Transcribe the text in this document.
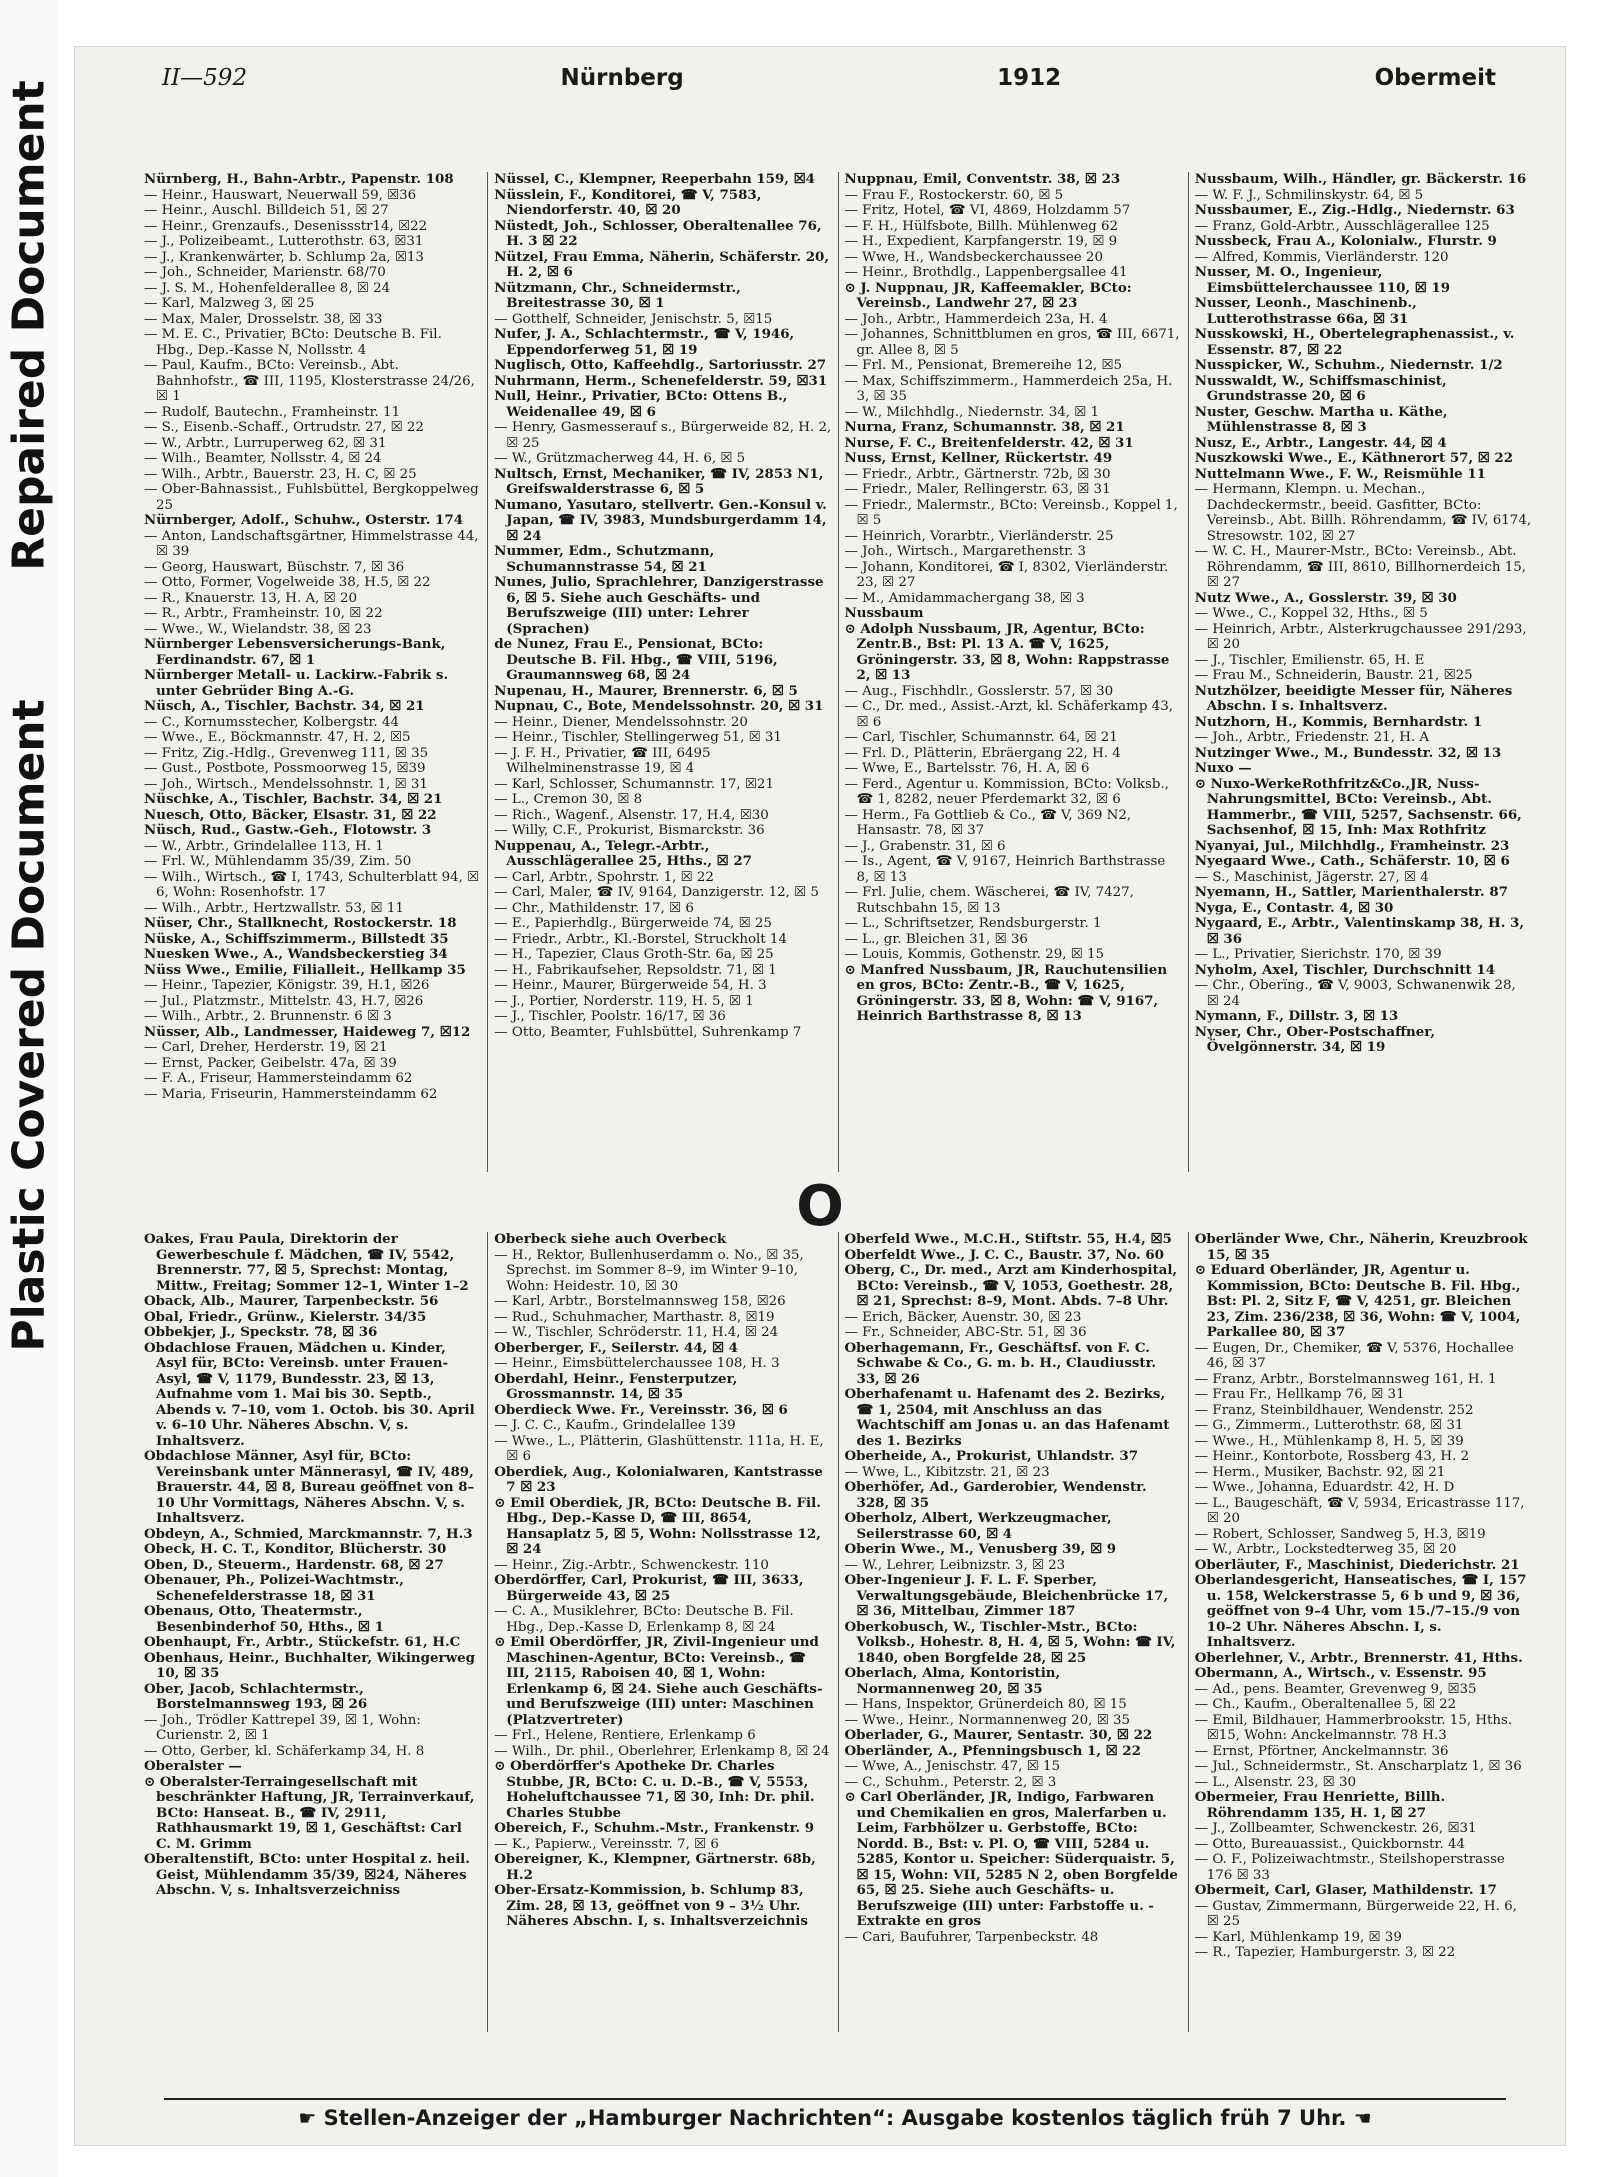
Repaired Document
Plastic Covered Document
II—592	Nürnberg	1912	Obermeit

Nürnberg, H., Bahn-Arbtr., Papenstr. 108

— Heinr., Hauswart, Neuerwall 59, ☒36

— Heinr., Auschl. Billdeich 51, ☒ 27

— Heinr., Grenzaufs., Desenissstr14, ☒22

— J., Polizeibeamt., Lutterothstr. 63, ☒31

— J., Krankenwärter, b. Schlump 2a, ☒13

— Joh., Schneider, Marienstr. 68/70

— J. S. M., Hohenfelderallee 8, ☒ 24

— Karl, Malzweg 3, ☒ 25

— Max, Maler, Drosselstr. 38, ☒ 33

— M. E. C., Privatier, BCto: Deutsche B. Fil. Hbg., Dep.-Kasse N, Nollsstr. 4

— Paul, Kaufm., BCto: Vereinsb., Abt. Bahnhofstr., ☎ III, 1195, Klosterstrasse 24/26, ☒ 1

— Rudolf, Bautechn., Framheinstr. 11

— S., Eisenb.-Schaff., Ortrudstr. 27, ☒ 22

— W., Arbtr., Lurruperweg 62, ☒ 31

— Wilh., Beamter, Nollsstr. 4, ☒ 24

— Wilh., Arbtr., Bauerstr. 23, H. C, ☒ 25

— Ober-Bahnassist., Fuhlsbüttel, Bergkoppelweg 25

Nürnberger, Adolf., Schuhw., Osterstr. 174

— Anton, Landschaftsgärtner, Himmelstrasse 44, ☒ 39

— Georg, Hauswart, Büschstr. 7, ☒ 36

— Otto, Former, Vogelweide 38, H.5, ☒ 22

— R., Knauerstr. 13, H. A, ☒ 20

— R., Arbtr., Framheinstr. 10, ☒ 22

— Wwe., W., Wielandstr. 38, ☒ 23

Nürnberger Lebensversicherungs-Bank, Ferdinandstr. 67, ☒ 1

Nürnberger Metall- u. Lackirw.-Fabrik s. unter Gebrüder Bing A.-G.

Nüsch, A., Tischler, Bachstr. 34, ☒ 21

— C., Kornumsstecher, Kolbergstr. 44

— Wwe., E., Böckmannstr. 47, H. 2, ☒5

— Fritz, Zig.-Hdlg., Grevenweg 111, ☒ 35

— Gust., Postbote, Possmoorweg 15, ☒39

— Joh., Wirtsch., Mendelssohnstr. 1, ☒ 31

Nüschke, A., Tischler, Bachstr. 34, ☒ 21

Nuesch, Otto, Bäcker, Elsastr. 31, ☒ 22

Nüsch, Rud., Gastw.-Geh., Flotowstr. 3

— W., Arbtr., Grindelallee 113, H. 1

— Frl. W., Mühlendamm 35/39, Zim. 50

— Wilh., Wirtsch., ☎ I, 1743, Schulterblatt 94, ☒ 6, Wohn: Rosenhofstr. 17

— Wilh., Arbtr., Hertzwallstr. 53, ☒ 11

Nüser, Chr., Stallknecht, Rostockerstr. 18

Nüske, A., Schiffszimmerm., Billstedt 35

Nuesken Wwe., A., Wandsbeckerstieg 34

Nüss Wwe., Emilie, Filialleit., Hellkamp 35

— Heinr., Tapezier, Königstr. 39, H.1, ☒26

— Jul., Platzmstr., Mittelstr. 43, H.7, ☒26

— Wilh., Arbtr., 2. Brunnenstr. 6 ☒ 3

Nüsser, Alb., Landmesser, Haideweg 7, ☒12

— Carl, Dreher, Herderstr. 19, ☒ 21

— Ernst, Packer, Geibelstr. 47a, ☒ 39

— F. A., Friseur, Hammersteindamm 62

— Maria, Friseurin, Hammersteindamm 62

Nüssel, C., Klempner, Reeperbahn 159, ☒4

Nüsslein, F., Konditorei, ☎ V, 7583, Niendorferstr. 40, ☒ 20

Nüstedt, Joh., Schlosser, Oberaltenallee 76, H. 3 ☒ 22

Nützel, Frau Emma, Näherin, Schäferstr. 20, H. 2, ☒ 6

Nützmann, Chr., Schneidermstr., Breitestrasse 30, ☒ 1

— Gotthelf, Schneider, Jenischstr. 5, ☒15

Nufer, J. A., Schlachtermstr., ☎ V, 1946, Eppendorferweg 51, ☒ 19

Nuglisch, Otto, Kaffeehdlg., Sartoriusstr. 27

Nuhrmann, Herm., Schenefelderstr. 59, ☒31

Null, Heinr., Privatier, BCto: Ottens B., Weidenallee 49, ☒ 6

— Henry, Gasmesserauf s., Bürgerweide 82, H. 2, ☒ 25

— W., Grützmacherweg 44, H. 6, ☒ 5

Nultsch, Ernst, Mechaniker, ☎ IV, 2853 N1, Greifswalderstrasse 6, ☒ 5

Numano, Yasutaro, stellvertr. Gen.-Konsul v. Japan, ☎ IV, 3983, Mundsburgerdamm 14, ☒ 24

Nummer, Edm., Schutzmann, Schumannstrasse 54, ☒ 21

Nunes, Julio, Sprachlehrer, Danzigerstrasse 6, ☒ 5. Siehe auch Geschäfts- und Berufszweige (III) unter: Lehrer (Sprachen)

de Nunez, Frau E., Pensionat, BCto: Deutsche B. Fil. Hbg., ☎ VIII, 5196, Graumannsweg 68, ☒ 24

Nupenau, H., Maurer, Brennerstr. 6, ☒ 5

Nupnau, C., Bote, Mendelssohnstr. 20, ☒ 31

— Heinr., Diener, Mendelssohnstr. 20

— Heinr., Tischler, Stellingerweg 51, ☒ 31

— J. F. H., Privatier, ☎ III, 6495 Wilhelminenstrasse 19, ☒ 4

— Karl, Schlosser, Schumannstr. 17, ☒21

— L., Cremon 30, ☒ 8

— Rich., Wagenf., Alsenstr. 17, H.4, ☒30

— Willy, C.F., Prokurist, Bismarckstr. 36

Nuppenau, A., Telegr.-Arbtr., Ausschlägerallee 25, Hths., ☒ 27

— Carl, Arbtr., Spohrstr. 1, ☒ 22

— Carl, Maler, ☎ IV, 9164, Danzigerstr. 12, ☒ 5

— Chr., Mathildenstr. 17, ☒ 6

— E., Papierhdlg., Bürgerweide 74, ☒ 25

— Friedr., Arbtr., Kl.-Borstel, Struckholt 14

— H., Tapezier, Claus Groth-Str. 6a, ☒ 25

— H., Fabrikaufseher, Repsoldstr. 71, ☒ 1

— Heinr., Maurer, Bürgerweide 54, H. 3

— J., Portier, Norderstr. 119, H. 5, ☒ 1

— J., Tischler, Poolstr. 16/17, ☒ 36

— Otto, Beamter, Fuhlsbüttel, Suhrenkamp 7

Nuppnau, Emil, Conventstr. 38, ☒ 23

— Frau F., Rostockerstr. 60, ☒ 5

— Fritz, Hotel, ☎ VI, 4869, Holzdamm 57

— F. H., Hülfsbote, Billh. Mühlenweg 62

— H., Expedient, Karpfangerstr. 19, ☒ 9

— Wwe, H., Wandsbeckerchaussee 20

— Heinr., Brothdlg., Lappenbergsallee 41

⊙ J. Nuppnau, JR, Kaffeemakler, BCto: Vereinsb., Landwehr 27, ☒ 23

— Joh., Arbtr., Hammerdeich 23a, H. 4

— Johannes, Schnittblumen en gros, ☎ III, 6671, gr. Allee 8, ☒ 5

— Frl. M., Pensionat, Bremereihe 12, ☒5

— Max, Schiffszimmerm., Hammerdeich 25a, H. 3, ☒ 35

— W., Milchhdlg., Niedernstr. 34, ☒ 1

Nurna, Franz, Schumannstr. 38, ☒ 21

Nurse, F. C., Breitenfelderstr. 42, ☒ 31

Nuss, Ernst, Kellner, Rückertstr. 49

— Friedr., Arbtr., Gärtnerstr. 72b, ☒ 30

— Friedr., Maler, Rellingerstr. 63, ☒ 31

— Friedr., Malermstr., BCto: Vereinsb., Koppel 1, ☒ 5

— Heinrich, Vorarbtr., Vierländerstr. 25

— Joh., Wirtsch., Margarethenstr. 3

— Johann, Konditorei, ☎ I, 8302, Vierländerstr. 23, ☒ 27

— M., Amidammacheгgang 38, ☒ 3

Nussbaum

⊙ Adolph Nussbaum, JR, Agentur, BCto: Zentr.B., Bst: Pl. 13 A. ☎ V, 1625, Gröningerstr. 33, ☒ 8, Wohn: Rappstrasse 2, ☒ 13

— Aug., Fischhdlr., Gosslerstr. 57, ☒ 30

— C., Dr. med., Assist.-Arzt, kl. Schäferkamp 43, ☒ 6

— Carl, Tischler, Schumannstr. 64, ☒ 21

— Frl. D., Plätterin, Ebräergang 22, H. 4

— Wwe, E., Bartelsstr. 76, H. A, ☒ 6

— Ferd., Agentur u. Kommission, BCto: Volksb., ☎ 1, 8282, neuer Pferdemarkt 32, ☒ 6

— Herm., Fa Gottlieb & Co., ☎ V, 369 N2, Hansastr. 78, ☒ 37

— J., Grabenstr. 31, ☒ 6

— Is., Agent, ☎ V, 9167, Heinrich Barthstrasse 8, ☒ 13

— Frl. Julie, chem. Wäscherei, ☎ IV, 7427, Rutschbahn 15, ☒ 13

— L., Schriftsetzer, Rendsburgerstr. 1

— L., gr. Bleichen 31, ☒ 36

— Louis, Kommis, Gothenstr. 29, ☒ 15

⊙ Manfred Nussbaum, JR, Rauchutensilien en gros, BCto: Zentr.-B., ☎ V, 1625, Gröningerstr. 33, ☒ 8, Wohn: ☎ V, 9167, Heinrich Barthstrasse 8, ☒ 13

Nussbaum, Wilh., Händler, gr. Bäckerstr. 16

— W. F. J., Schmilinskystr. 64, ☒ 5

Nussbaumer, E., Zig.-Hdlg., Niedernstr. 63

— Franz, Gold-Arbtr., Ausschlägerallee 125

Nussbeck, Frau A., Kolonialw., Flurstr. 9

— Alfred, Kommis, Vierländerstr. 120

Nusser, M. O., Ingenieur, Eimsbüttelerchaussee 110, ☒ 19

Nusser, Leonh., Maschinenb., Lutterothstrasse 66a, ☒ 31

Nusskowski, H., Obertelegraphenassist., v. Essenstr. 87, ☒ 22

Nusspicker, W., Schuhm., Niedernstr. 1/2

Nusswaldt, W., Schiffsmaschinist, Grundstrasse 20, ☒ 6

Nuster, Geschw. Martha u. Käthe, Mühlenstrasse 8, ☒ 3

Nusz, E., Arbtr., Langestr. 44, ☒ 4

Nuszkowski Wwe., E., Käthnerort 57, ☒ 22

Nuttelmann Wwe., F. W., Reismühle 11

— Hermann, Klempn. u. Mechan., Dachdeckermstr., beeid. Gasfitter, BCto: Vereinsb., Abt. Billh. Röhrendamm, ☎ IV, 6174, Stresowstr. 102, ☒ 27

— W. C. H., Maurer-Mstr., BCto: Vereinsb., Abt. Röhrendamm, ☎ III, 8610, Billhornerdeich 15, ☒ 27

Nutz Wwe., A., Gosslerstr. 39, ☒ 30

— Wwe., C., Koppel 32, Hths., ☒ 5

— Heinrich, Arbtr., Alsterkrugchaussee 291/293, ☒ 20

— J., Tischler, Emilienstr. 65, H. E

— Frau M., Schneiderin, Baustr. 21, ☒25

Nutzhölzer, beeidigte Messer für, Näheres Abschn. I s. Inhaltsverz.

Nutzhorn, H., Kommis, Bernhardstr. 1

— Joh., Arbtr., Friedenstr. 21, H. A

Nutzinger Wwe., M., Bundesstr. 32, ☒ 13

Nuxo —

⊙ Nuxo-WerkeRothfritz&Co.,JR, Nuss-Nahrungsmittel, BCto: Vereinsb., Abt. Hammerbr., ☎ VIII, 5257, Sachsenstr. 66, Sachsenhof, ☒ 15, Inh: Max Rothfritz

Nyanyai, Jul., Milchhdlg., Framheinstr. 23

Nyegaard Wwe., Cath., Schäferstr. 10, ☒ 6

— S., Maschinist, Jägerstr. 27, ☒ 4

Nyemann, H., Sattler, Marienthalerstr. 87

Nyga, E., Contastr. 4, ☒ 30

Nygaard, E., Arbtr., Valentinskamp 38, H. 3, ☒ 36

— L., Privatier, Sierichstr. 170, ☒ 39

Nyholm, Axel, Tischler, Durchschnitt 14

— Chr., Oberïng., ☎ V, 9003, Schwanenwik 28, ☒ 24

Nymann, F., Dillstr. 3, ☒ 13

Nyser, Chr., Ober-Postschaffner, Övelgönnerstr. 34, ☒ 19

O

Oakes, Frau Paula, Direktorin der Gewerbeschule f. Mädchen, ☎ IV, 5542, Brennerstr. 77, ☒ 5, Sprechst: Montag, Mittw., Freitag; Sommer 12–1, Winter 1–2

Oback, Alb., Maurer, Tarpenbeckstr. 56

Obal, Friedr., Grünw., Kielerstr. 34/35

Obbekjer, J., Speckstr. 78, ☒ 36

Obdachlose Frauen, Mädchen u. Kinder, Asyl für, BCto: Vereinsb. unter Frauen-Asyl, ☎ V, 1179, Bundesstr. 23, ☒ 13, Aufnahme vom 1. Mai bis 30. Septb., Abends v. 7–10, vom 1. Octob. bis 30. April v. 6–10 Uhr. Näheres Abschn. V, s. Inhaltsverz.

Obdachlose Männer, Asyl für, BCto: Vereinsbank unter Männerasyl, ☎ IV, 489, Brauerstr. 44, ☒ 8, Bureau geöffnet von 8–10 Uhr Vormittags, Näheres Abschn. V, s. Inhaltsverz.

Obdeyn, A., Schmied, Marckmannstr. 7, H.3

Obeck, H. C. T., Konditor, Blücherstr. 30

Oben, D., Steuerm., Hardenstr. 68, ☒ 27

Obenauer, Ph., Polizei-Wachtmstr., Schenefelderstrasse 18, ☒ 31

Obenaus, Otto, Theatermstr., Besenbinderhof 50, Hths., ☒ 1

Obenhaupt, Fr., Arbtr., Stückefstr. 61, H.C

Obenhaus, Heinr., Buchhalter, Wikingerweg 10, ☒ 35

Ober, Jacob, Schlachtermstr., Borstelmannsweg 193, ☒ 26

— Joh., Trödler Kattrepel 39, ☒ 1, Wohn: Curienstr. 2, ☒ 1

— Otto, Gerber, kl. Schäferkamp 34, H. 8

Oberalster —

⊙ Oberalster-Terraingesellschaft mit beschränkter Haftung, JR, Terrainverkauf, BCto: Hanseat. B., ☎ IV, 2911, Rathhausmarkt 19, ☒ 1, Geschäftst: Carl C. M. Grimm

Oberaltenstift, BCto: unter Hospital z. heil. Geist, Mühlendamm 35/39, ☒24, Näheres Abschn. V, s. Inhaltsverzeichniss

Oberbeck siehe auch Overbeck

— H., Rektor, Bullenhuserdamm o. No., ☒ 35, Sprechst. im Sommer 8–9, im Winter 9–10, Wohn: Heidestr. 10, ☒ 30

— Karl, Arbtr., Borstelmannsweg 158, ☒26

— Rud., Schuhmacher, Marthastr. 8, ☒19

— W., Tischler, Schröderstr. 11, H.4, ☒ 24

Oberberger, F., Seilerstr. 44, ☒ 4

— Heinr., Eimsbüttelerchaussee 108, H. 3

Oberdahl, Heinr., Fensterputzer, Grossmannstr. 14, ☒ 35

Oberdieck Wwe. Fr., Vereinsstr. 36, ☒ 6

— J. C. C., Kaufm., Grindelallee 139

— Wwe., L., Plätterin, Glashüttenstr. 111a, H. E, ☒ 6

Oberdiek, Aug., Kolonialwaren, Kantstrasse 7 ☒ 23

⊙ Emil Oberdiek, JR, BCto: Deutsche B. Fil. Hbg., Dep.-Kasse D, ☎ III, 8654, Hansaplatz 5, ☒ 5, Wohn: Nollsstrasse 12, ☒ 24

— Heinr., Zig.-Arbtr., Schwenckestr. 110

Oberdörffer, Carl, Prokurist, ☎ III, 3633, Bürgerweide 43, ☒ 25

— C. A., Musiklehrer, BCto: Deutsche B. Fil. Hbg., Dep.-Kasse D, Erlenkamp 8, ☒ 24

⊙ Emil Oberdörffer, JR, Zivil-Ingenieur und Maschinen-Agentur, BCto: Vereinsb., ☎ III, 2115, Raboisen 40, ☒ 1, Wohn: Erlenkamp 6, ☒ 24. Siehe auch Geschäfts- und Berufszweige (III) unter: Maschinen (Platzvertreter)

— Frl., Helene, Rentiere, Erlenkamp 6

— Wilh., Dr. phil., Oberlehrer, Erlenkamp 8, ☒ 24

⊙ Oberdörffer's Apotheke Dr. Charles Stubbe, JR, BCto: C. u. D.-B., ☎ V, 5553, Hoheluftchaussee 71, ☒ 30, Inh: Dr. phil. Charles Stubbe

Obereich, F., Schuhm.-Mstr., Frankenstr. 9

— K., Papierw., Vereinsstr. 7, ☒ 6

Obereigner, K., Klempner, Gärtnerstr. 68b, H.2

Ober-Ersatz-Kommission, b. Schlump 83, Zim. 28, ☒ 13, geöffnet von 9 – 3½ Uhr. Näheres Abschn. I, s. Inhaltsverzeichnis

Oberfeld Wwe., M.C.H., Stiftstr. 55, H.4, ☒5

Oberfeldt Wwe., J. C. C., Baustr. 37, No. 60

Oberg, C., Dr. med., Arzt am Kinderhospital, BCto: Vereinsb., ☎ V, 1053, Goethestr. 28, ☒ 21, Sprechst: 8–9, Mont. Abds. 7–8 Uhr.

— Erich, Bäcker, Auenstr. 30, ☒ 23

— Fr., Schneider, ABC-Str. 51, ☒ 36

Oberhagemann, Fr., Geschäftsf. von F. C. Schwabe & Co., G. m. b. H., Claudiusstr. 33, ☒ 26

Oberhafenamt u. Hafenamt des 2. Bezirks, ☎ 1, 2504, mit Anschluss an das Wachtschiff am Jonas u. an das Hafenamt des 1. Bezirks

Oberheide, A., Prokurist, Uhlandstr. 37

— Wwe, L., Kibitzstr. 21, ☒ 23

Oberhöfer, Ad., Garderobier, Wendenstr. 328, ☒ 35

Oberholz, Albert, Werkzeugmacher, Seilerstrasse 60, ☒ 4

Oberin Wwe., M., Venusberg 39, ☒ 9

— W., Lehrer, Leibnizstr. 3, ☒ 23

Ober-Ingenieur J. F. L. F. Sperber, Verwaltungsgebäude, Bleichenbrücke 17, ☒ 36, Mittelbau, Zimmer 187

Oberkobusch, W., Tischler-Mstr., BCto: Volksb., Hohestr. 8, H. 4, ☒ 5, Wohn: ☎ IV, 1840, oben Borgfelde 28, ☒ 25

Oberlach, Alma, Kontoristin, Normannenweg 20, ☒ 35

— Hans, Inspektor, Grünerdeich 80, ☒ 15

— Wwe., Heinr., Normannenweg 20, ☒ 35

Oberlader, G., Maurer, Sentastr. 30, ☒ 22

Oberländer, A., Pfenningsbusch 1, ☒ 22

— Wwe, A., Jenischstr. 47, ☒ 15

— C., Schuhm., Peterstr. 2, ☒ 3

⊙ Carl Oberländer, JR, Indigo, Farbwaren und Chemikalien en gros, Malerfarben u. Leim, Farbhölzer u. Gerbstoffe, BCto: Nordd. B., Bst: v. Pl. O, ☎ VIII, 5284 u. 5285, Kontor u. Speicher: Süderquaistr. 5, ☒ 15, Wohn: VII, 5285 N 2, oben Borgfelde 65, ☒ 25. Siehe auch Geschäfts- u. Berufszweige (III) unter: Farbstoffe u. -Extrakte en gros

— Cari, Baufuhrer, Tarpenbeckstr. 48

Oberländer Wwe, Chr., Näherin, Kreuzbrook 15, ☒ 35

⊙ Eduard Oberländer, JR, Agentur u. Kommission, BCto: Deutsche B. Fil. Hbg., Bst: Pl. 2, Sitz F, ☎ V, 4251, gr. Bleichen 23, Zim. 236/238, ☒ 36, Wohn: ☎ V, 1004, Parkallee 80, ☒ 37

— Eugen, Dr., Chemiker, ☎ V, 5376, Hochallee 46, ☒ 37

— Franz, Arbtr., Borstelmannsweg 161, H. 1

— Frau Fr., Hellkamp 76, ☒ 31

— Franz, Steinbildhauer, Wendenstr. 252

— G., Zimmerm., Lutterothstr. 68, ☒ 31

— Wwe., H., Mühlenkamp 8, H. 5, ☒ 39

— Heinr., Kontorbote, Rossberg 43, H. 2

— Herm., Musiker, Bachstr. 92, ☒ 21

— Wwe., Johanna, Eduardstr. 42, H. D

— L., Baugeschäft, ☎ V, 5934, Ericastrasse 117, ☒ 20

— Robert, Schlosser, Sandweg 5, H.3, ☒19

— W., Arbtr., Lockstedterweg 35, ☒ 20

Oberläuter, F., Maschinist, Diederichstr. 21

Oberlandesgericht, Hanseatisches, ☎ I, 157 u. 158, Welckerstrasse 5, 6 b und 9, ☒ 36, geöffnet von 9–4 Uhr, vom 15./7–15./9 von 10–2 Uhr. Näheres Abschn. I, s. Inhaltsverz.

Oberlehner, V., Arbtr., Brennerstr. 41, Hths.

Obermann, A., Wirtsch., v. Essenstr. 95

— Ad., pens. Beamter, Grevenweg 9, ☒35

— Ch., Kaufm., Oberaltenallee 5, ☒ 22

— Emil, Bildhauer, Hammerbrookstr. 15, Hths. ☒15, Wohn: Anckelmannstr. 78 H.3

— Ernst, Pförtner, Anckelmannstr. 36

— Jul., Schneidermstr., St. Anscharplatz 1, ☒ 36

— L., Alsenstr. 23, ☒ 30

Obermeier, Frau Henriette, Billh. Röhrendamm 135, H. 1, ☒ 27

— J., Zollbeamter, Schwenckestr. 26, ☒31

— Otto, Bureauassist., Quickbornstr. 44

— O. F., Polizeiwachtmstr., Steilshoperstrasse 176 ☒ 33

Obermeit, Carl, Glaser, Mathildenstr. 17

— Gustav, Zimmermann, Bürgerweide 22, H. 6, ☒ 25

— Karl, Mühlenkamp 19, ☒ 39

— R., Tapezier, Hamburgerstr. 3, ☒ 22

☛ Stellen-Anzeiger der „Hamburger Nachrichten“: Ausgabe kostenlos täglich früh 7 Uhr. ☚
